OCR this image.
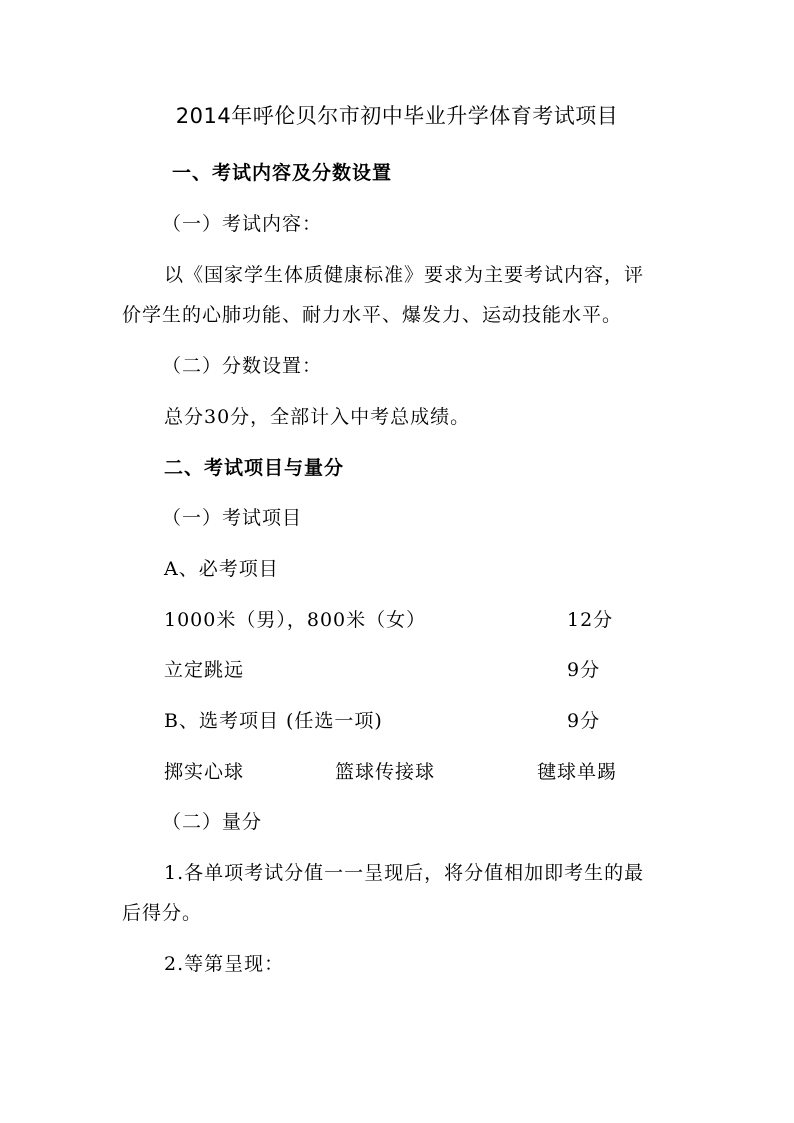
2014年呼伦贝尔市初中毕业升学体育考试项目
一、考试内容及分数设置
（一）考试内容：
以《国家学生体质健康标准》要求为主要考试内容，评
价学生的心肺功能、耐力水平、爆发力、运动技能水平。
（二）分数设置：
总分30分，全部计入中考总成绩。
二、考试项目与量分
（一）考试项目
A、必考项目
1000米（男），800米（女）	12分
立定跳远	9分
B、选考项目 (任选一项)	9分
掷实心球	篮球传接球	毽球单踢
（二）量分
1.各单项考试分值一一呈现后，将分值相加即考生的最
后得分。
2.等第呈现：
